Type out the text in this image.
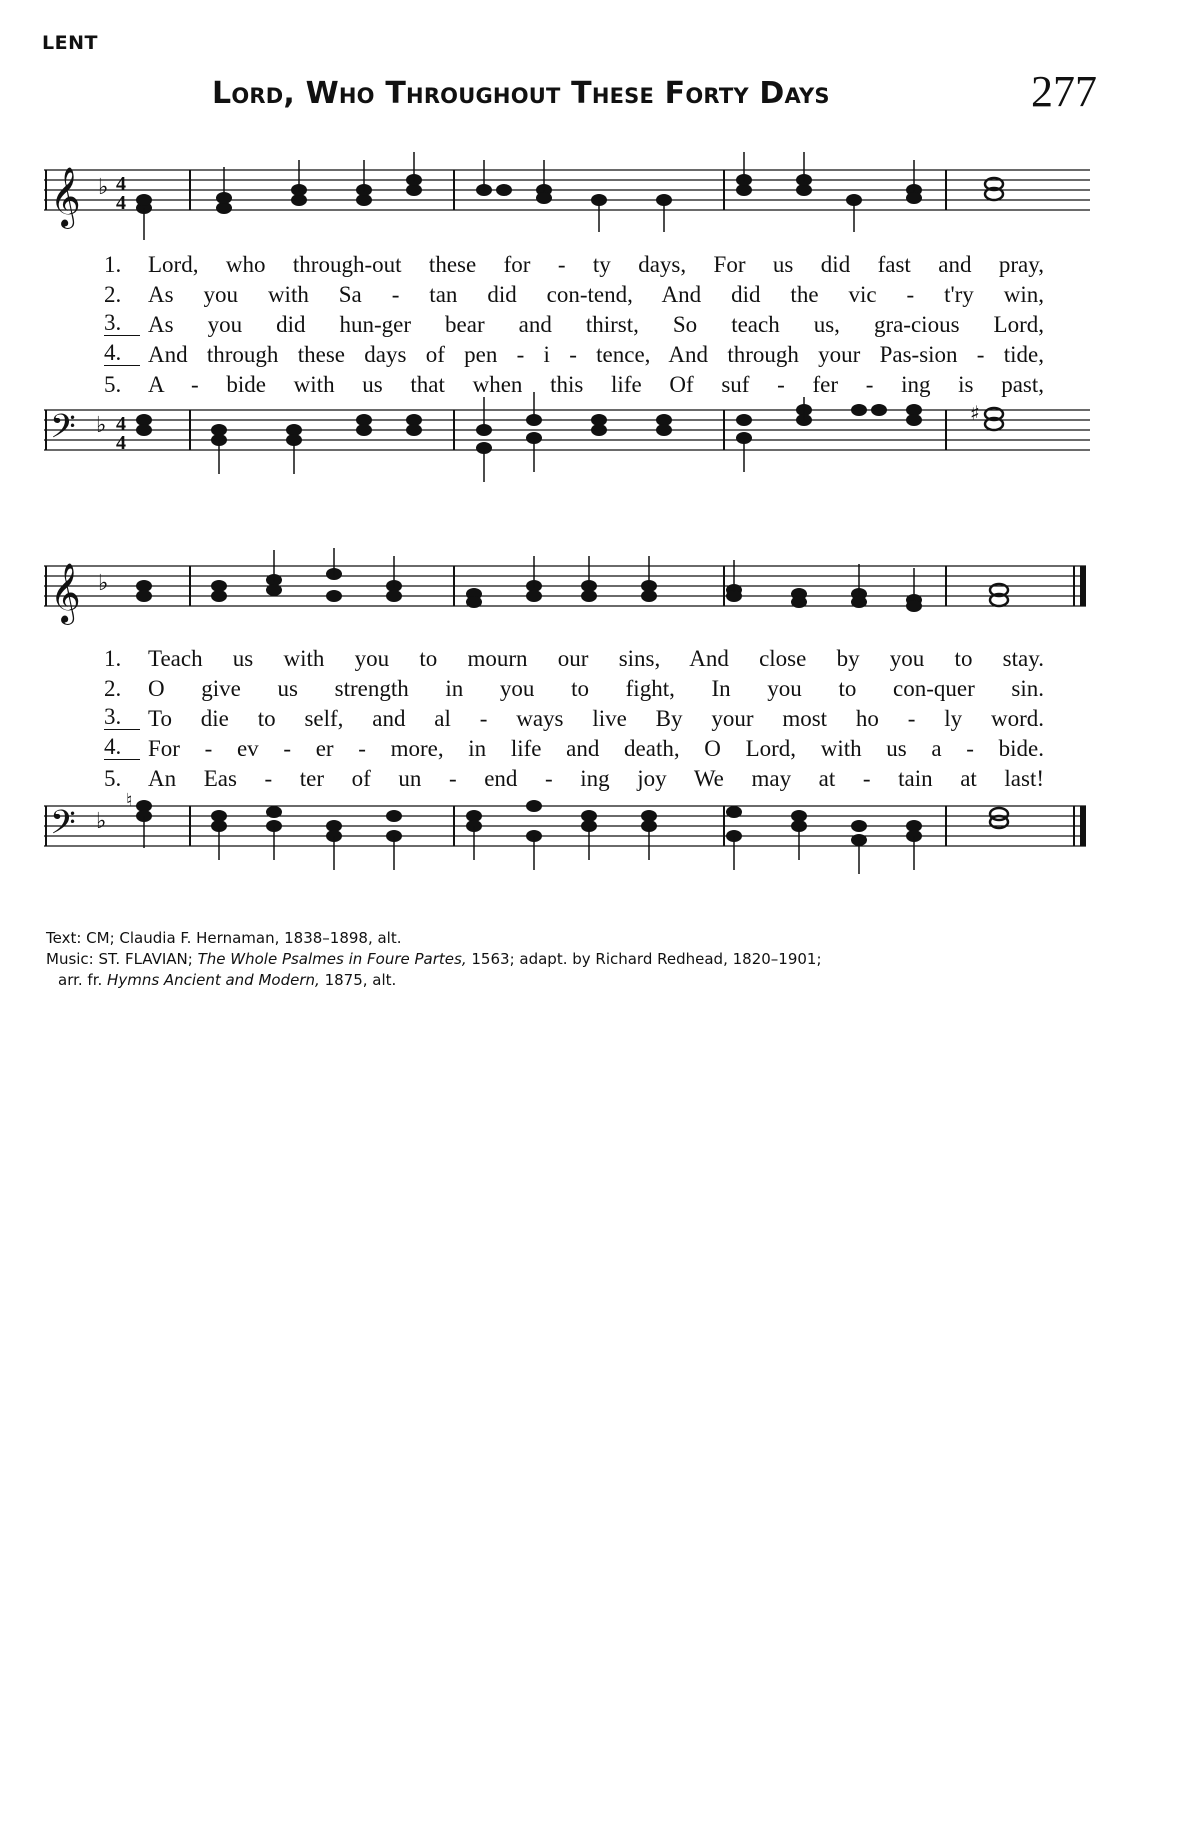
LENT
Lord, Who Throughout These Forty Days	277
𝄞 ♭ 4
4
1.	Lord, who through-out these for - ty days, For us did fast and pray,
2.	As you with Sa - tan did con-tend, And did the vic - t'ry win,
3.	As you did hun-ger bear and thirst, So teach us, gra-cious Lord,
4.	And through these days of pen - i - tence, And through your Pas-sion - tide,
5.	A - bide with us that when this life Of suf - fer - ing is past,
𝄢 ♭ 4
4
♯
𝄞 ♭
1.	Teach us with you to mourn our sins, And close by you to stay.
2.	O give us strength in you to fight, In you to con-quer sin.
3.	To die to self, and al - ways live By your most ho - ly word.
4.	For - ev - er - more, in life and death, O Lord, with us a - bide.
5.	An Eas - ter of un - end - ing joy We may at - tain at last!
𝄢 ♭
♮
Text: CM; Claudia F. Hernaman, 1838–1898, alt.
Music: ST. FLAVIAN; The Whole Psalmes in Foure Partes, 1563; adapt. by Richard Redhead, 1820–1901;
arr. fr. Hymns Ancient and Modern, 1875, alt.
